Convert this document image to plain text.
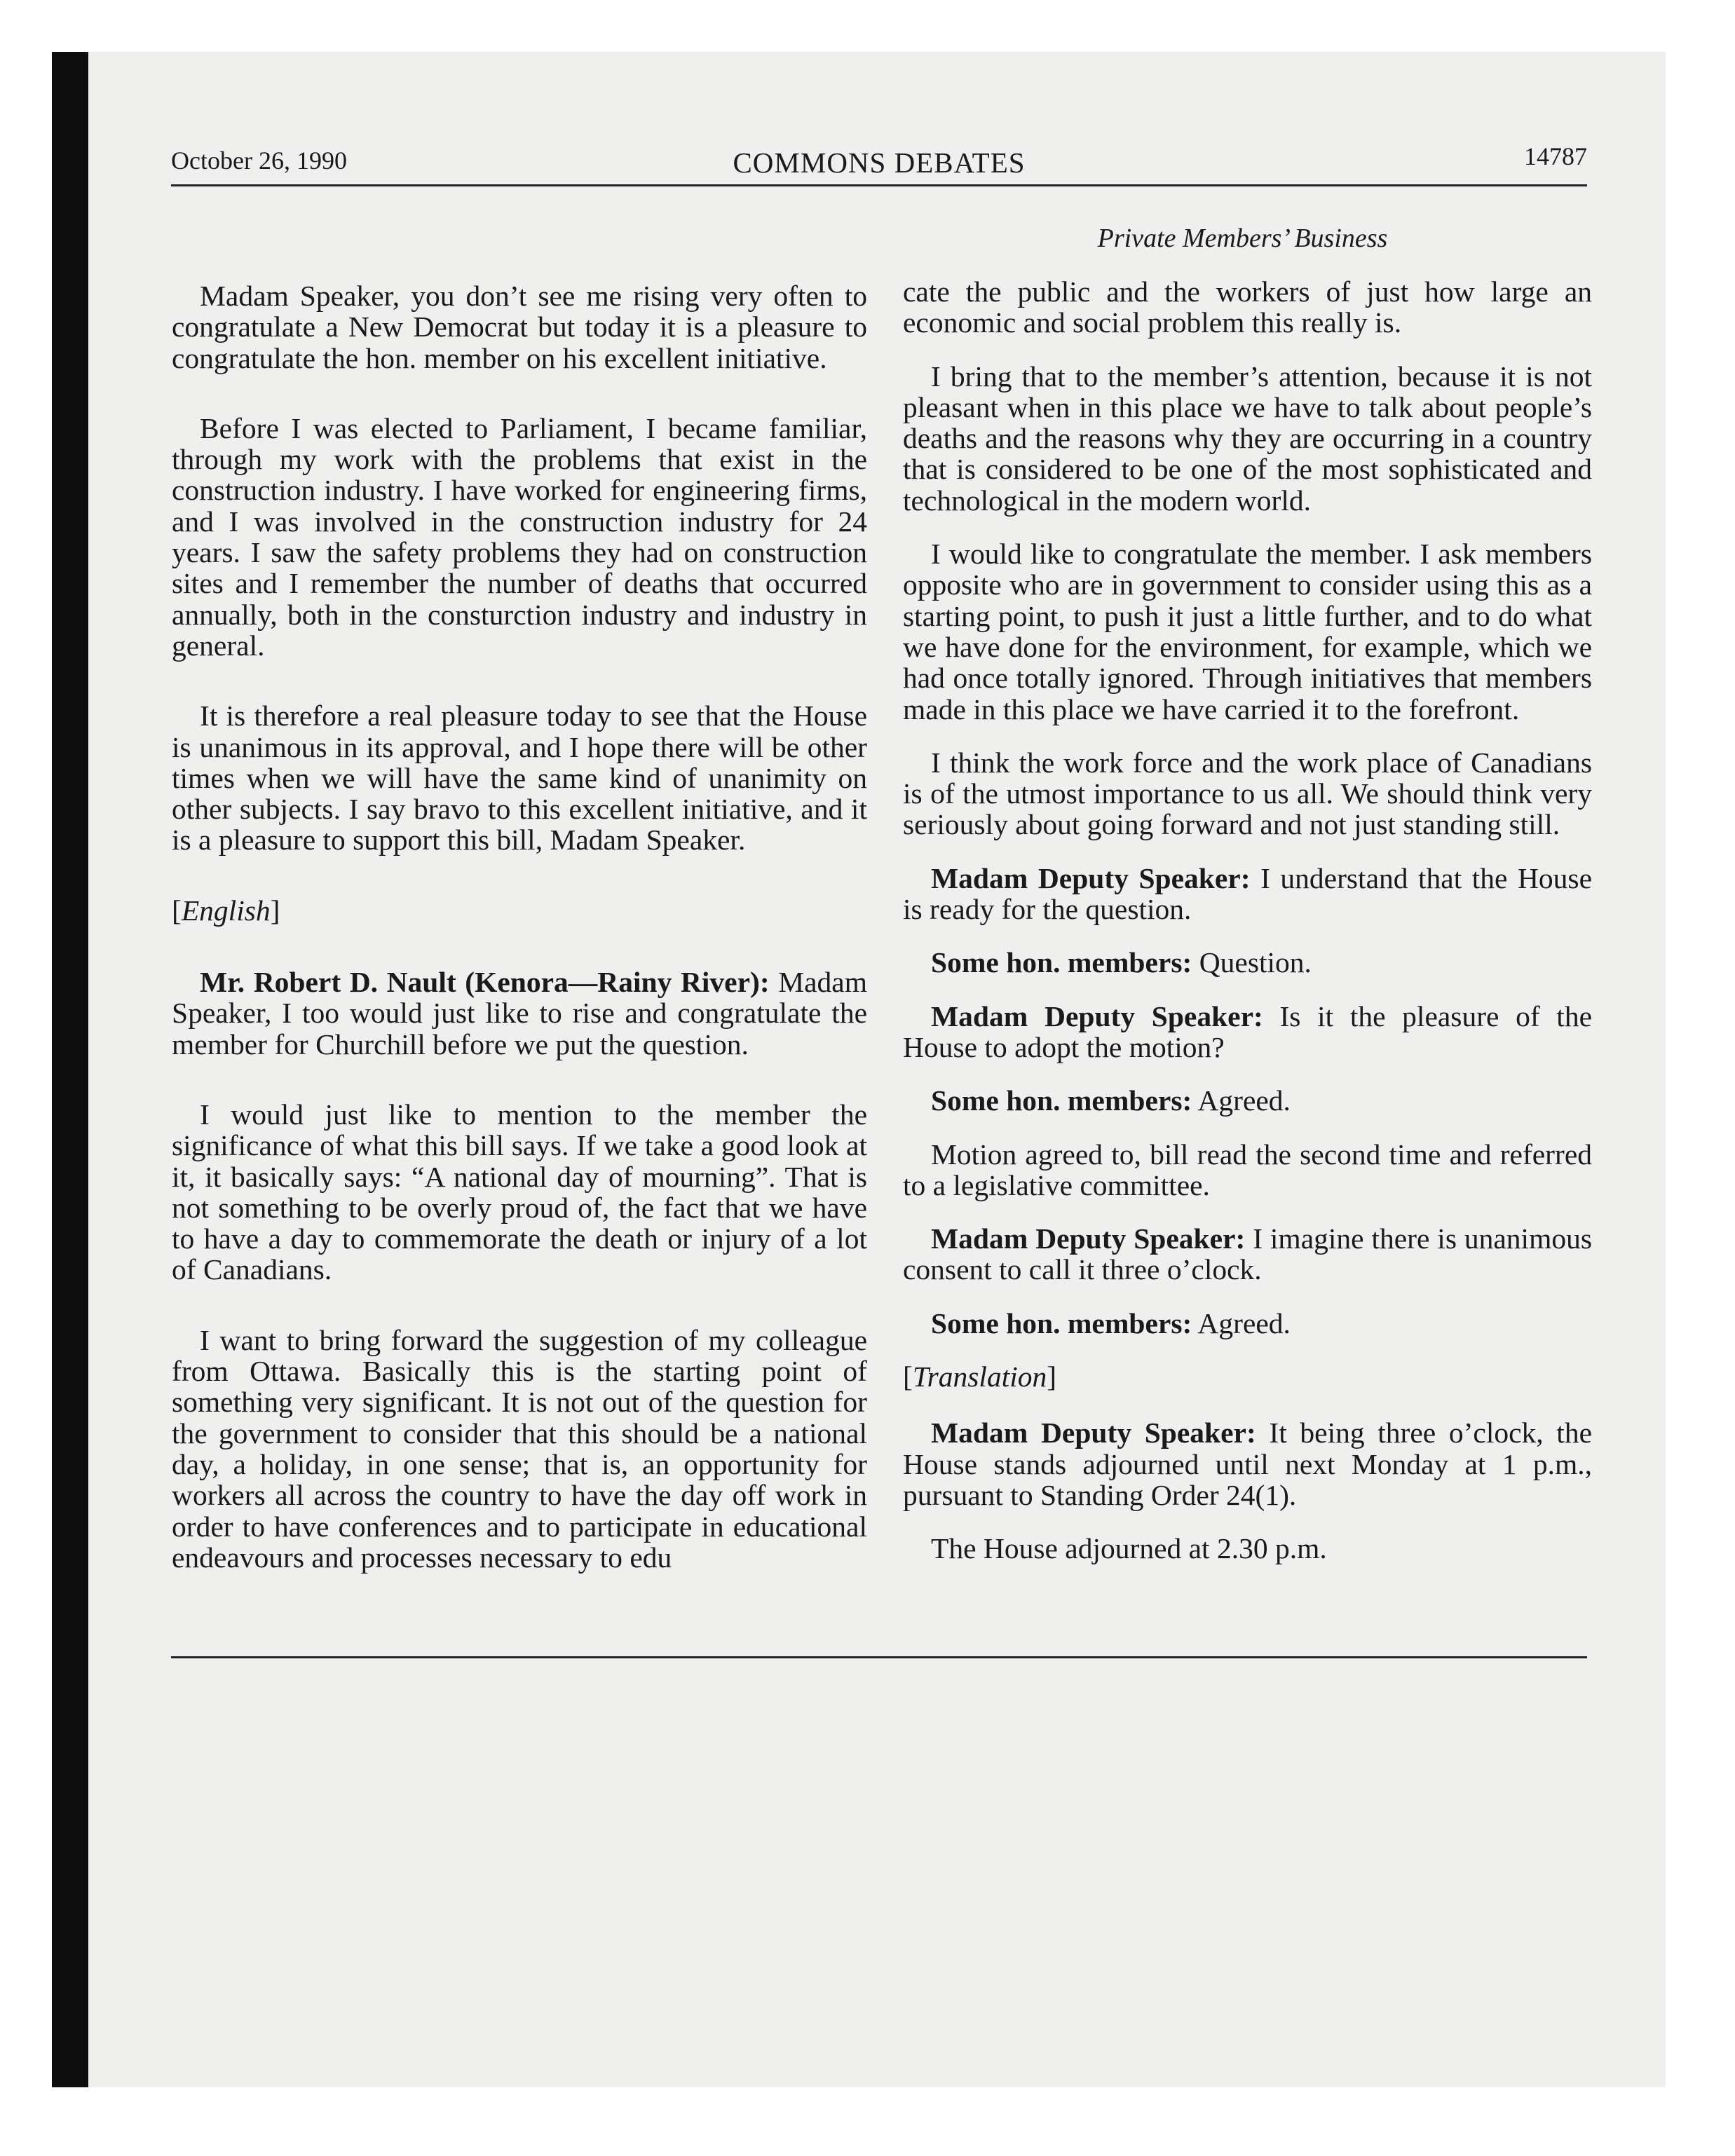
October 26, 1990	COMMONS DEBATES	14787
Private Members’ Business

Madam Speaker, you don’t see me rising very often to congratulate a New Democrat but today it is a pleasure to congratulate the hon. member on his excellent initiative.

Before I was elected to Parliament, I became familiar, through my work with the problems that exist in the construction industry. I have worked for engineering firms, and I was involved in the construction industry for 24 years. I saw the safety problems they had on construction sites and I remember the number of deaths that occurred annually, both in the consturction industry and industry in general.

It is therefore a real pleasure today to see that the House is unanimous in its approval, and I hope there will be other times when we will have the same kind of unanimity on other subjects. I say bravo to this excellent initiative, and it is a pleasure to support this bill, Madam Speaker.

[English]

Mr. Robert D. Nault (Kenora—Rainy River): Madam Speaker, I too would just like to rise and congratulate the member for Churchill before we put the question.

I would just like to mention to the member the significance of what this bill says. If we take a good look at it, it basically says: “A national day of mourning”. That is not something to be overly proud of, the fact that we have to have a day to commemorate the death or injury of a lot of Canadians.

I want to bring forward the suggestion of my colleague from Ottawa. Basically this is the starting point of something very significant. It is not out of the question for the government to consider that this should be a national day, a holiday, in one sense; that is, an opportunity for workers all across the country to have the day off work in order to have conferences and to participate in educational endeavours and processes necessary to edu

cate the public and the workers of just how large an economic and social problem this really is.

I bring that to the member’s attention, because it is not pleasant when in this place we have to talk about people’s deaths and the reasons why they are occurring in a country that is considered to be one of the most sophisticated and technological in the modern world.

I would like to congratulate the member. I ask members opposite who are in government to consider using this as a starting point, to push it just a little further, and to do what we have done for the environment, for example, which we had once totally ignored. Through initiatives that members made in this place we have carried it to the forefront.

I think the work force and the work place of Canadians is of the utmost importance to us all. We should think very seriously about going forward and not just standing still.

Madam Deputy Speaker: I understand that the House is ready for the question.

Some hon. members: Question.

Madam Deputy Speaker: Is it the pleasure of the House to adopt the motion?

Some hon. members: Agreed.

Motion agreed to, bill read the second time and referred to a legislative committee.

Madam Deputy Speaker: I imagine there is unanimous consent to call it three o’clock.

Some hon. members: Agreed.

[Translation]

Madam Deputy Speaker: It being three o’clock, the House stands adjourned until next Monday at 1 p.m., pursuant to Standing Order 24(1).

The House adjourned at 2.30 p.m.
